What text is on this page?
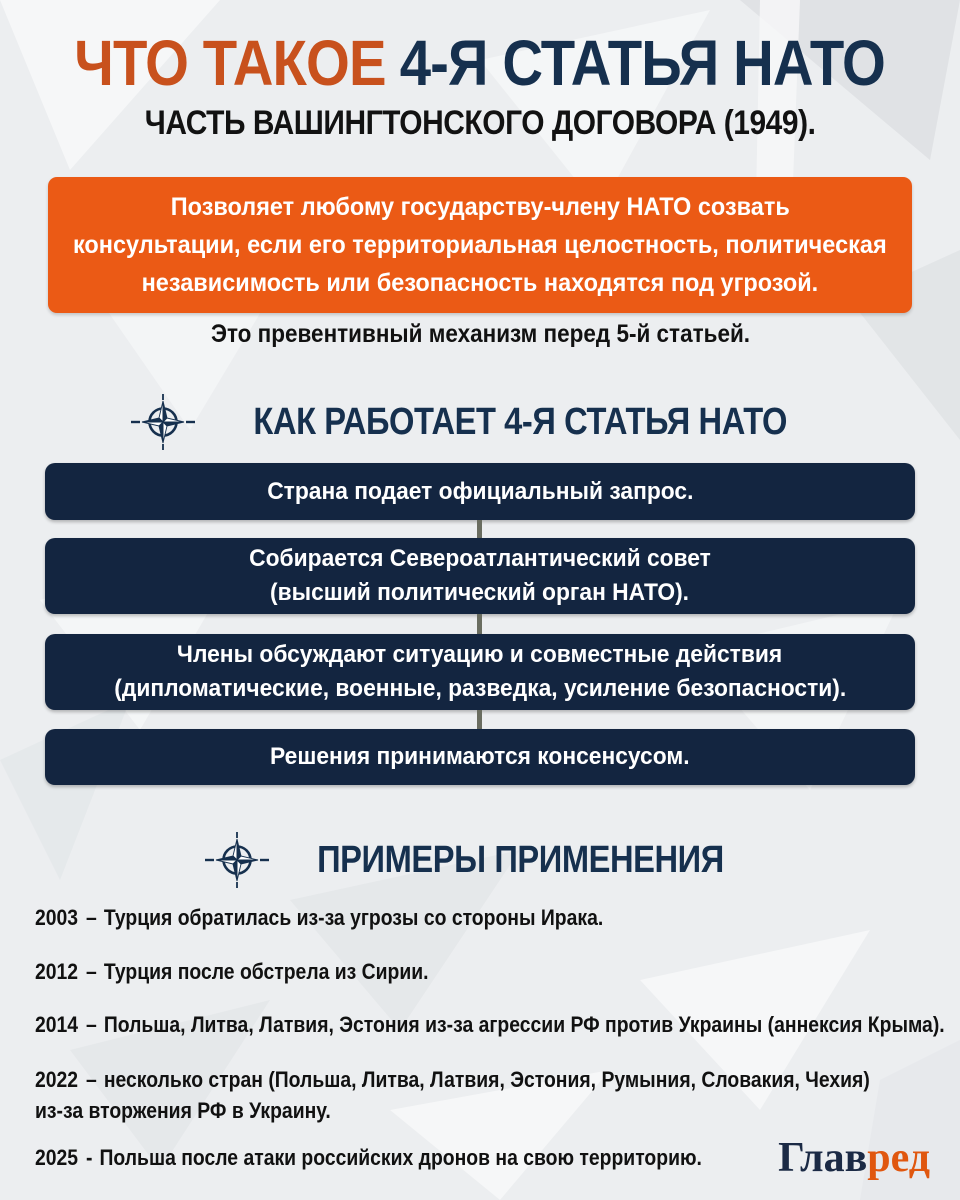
ЧТО ТАКОЕ 4-Я СТАТЬЯ НАТО
ЧАСТЬ ВАШИНГТОНСКОГО ДОГОВОРА (1949).
Позволяет любому государству-члену НАТО созвать
консультации, если его территориальная целостность, политическая
независимость или безопасность находятся под угрозой.
Это превентивный механизм перед 5-й статьей.
КАК РАБОТАЕТ 4-Я СТАТЬЯ НАТО
Страна подает официальный запрос.
Собирается Североатлантический совет
(высший политический орган НАТО).
Члены обсуждают ситуацию и совместные действия
(дипломатические, военные, разведка, усиление безопасности).
Решения принимаются консенсусом.
ПРИМЕРЫ ПРИМЕНЕНИЯ
2003 – Турция обратилась из-за угрозы со стороны Ирака.
2012 – Турция после обстрела из Сирии.
2014 – Польша, Литва, Латвия, Эстония из-за агрессии РФ против Украины (аннексия Крыма).
2022 – несколько стран (Польша, Литва, Латвия, Эстония, Румыния, Словакия, Чехия)
из-за вторжения РФ в Украину.
2025 - Польша после атаки российских дронов на свою территорию.	Главред
